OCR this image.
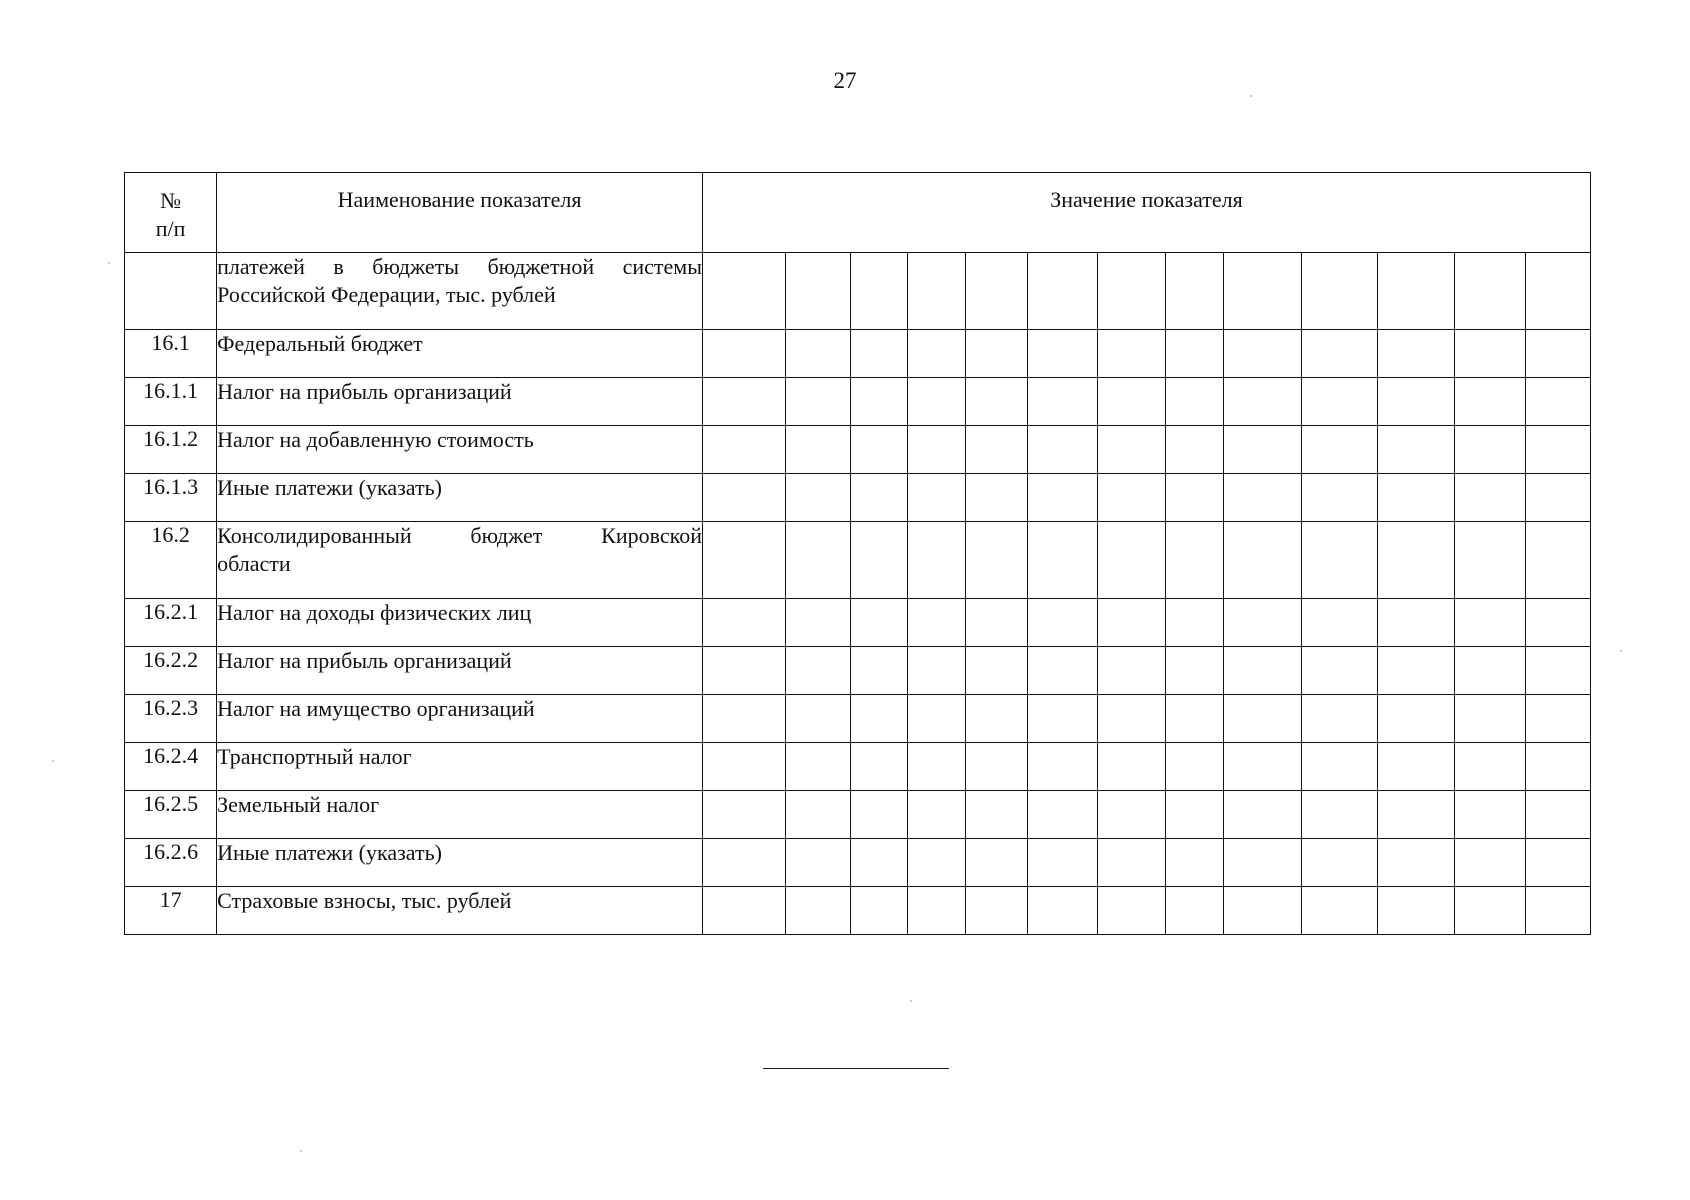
27
№
п/п	Наименование показателя	Значение показателя												

	платежей в бюджеты бюджетной системы
Российской Федерации, тыс. рублей													

16.1	Федеральный бюджет													
16.1.1	Налог на прибыль организаций													
16.1.2	Налог на добавленную стоимость													
16.1.3	Иные платежи (указать)													
16.2	Консолидированный бюджет Кировской
области													

16.2.1	Налог на доходы физических лиц													
16.2.2	Налог на прибыль организаций													
16.2.3	Налог на имущество организаций													
16.2.4	Транспортный налог													
16.2.5	Земельный налог													
16.2.6	Иные платежи (указать)													
17	Страховые взносы, тыс. рублей													
